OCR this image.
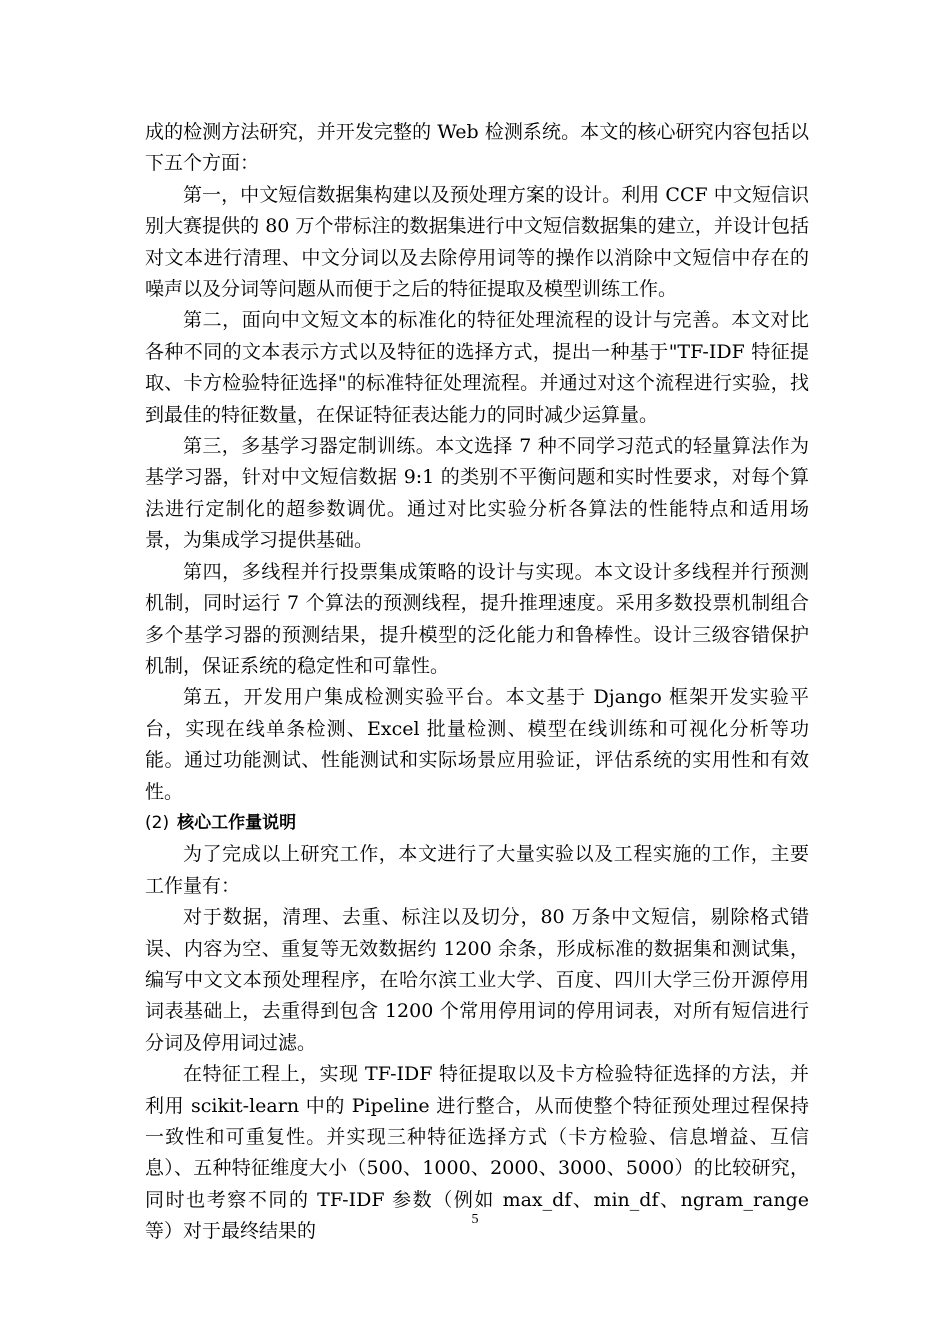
成的检测方法研究，并开发完整的 Web 检测系统。本文的核心研究内容包括以下五个方面：

第一，中文短信数据集构建以及预处理方案的设计。利用 CCF 中文短信识别大赛提供的 80 万个带标注的数据集进行中文短信数据集的建立，并设计包括对文本进行清理、中文分词以及去除停用词等的操作以消除中文短信中存在的噪声以及分词等问题从而便于之后的特征提取及模型训练工作。

第二，面向中文短文本的标准化的特征处理流程的设计与完善。本文对比各种不同的文本表示方式以及特征的选择方式，提出一种基于"TF-IDF 特征提取、卡方检验特征选择"的标准特征处理流程。并通过对这个流程进行实验，找到最佳的特征数量，在保证特征表达能力的同时减少运算量。

第三，多基学习器定制训练。本文选择 7 种不同学习范式的轻量算法作为基学习器，针对中文短信数据 9:1 的类别不平衡问题和实时性要求，对每个算法进行定制化的超参数调优。通过对比实验分析各算法的性能特点和适用场景，为集成学习提供基础。

第四，多线程并行投票集成策略的设计与实现。本文设计多线程并行预测机制，同时运行 7 个算法的预测线程，提升推理速度。采用多数投票机制组合多个基学习器的预测结果，提升模型的泛化能力和鲁棒性。设计三级容错保护机制，保证系统的稳定性和可靠性。

第五，开发用户集成检测实验平台。本文基于 Django 框架开发实验平台，实现在线单条检测、Excel 批量检测、模型在线训练和可视化分析等功能。通过功能测试、性能测试和实际场景应用验证，评估系统的实用性和有效性。

(2) 核心工作量说明

为了完成以上研究工作，本文进行了大量实验以及工程实施的工作，主要工作量有：

对于数据，清理、去重、标注以及切分，80 万条中文短信，剔除格式错误、内容为空、重复等无效数据约 1200 余条，形成标准的数据集和测试集，编写中文文本预处理程序，在哈尔滨工业大学、百度、四川大学三份开源停用词表基础上，去重得到包含 1200 个常用停用词的停用词表，对所有短信进行分词及停用词过滤。

在特征工程上，实现 TF-IDF 特征提取以及卡方检验特征选择的方法，并利用 scikit-learn 中的 Pipeline 进行整合，从而使整个特征预处理过程保持一致性和可重复性。并实现三种特征选择方式（卡方检验、信息增益、互信息）、五种特征维度大小（500、1000、2000、3000、5000）的比较研究，同时也考察不同的 TF-IDF 参数（例如 max_df、min_df、ngram_range 等）对于最终结果的

5
